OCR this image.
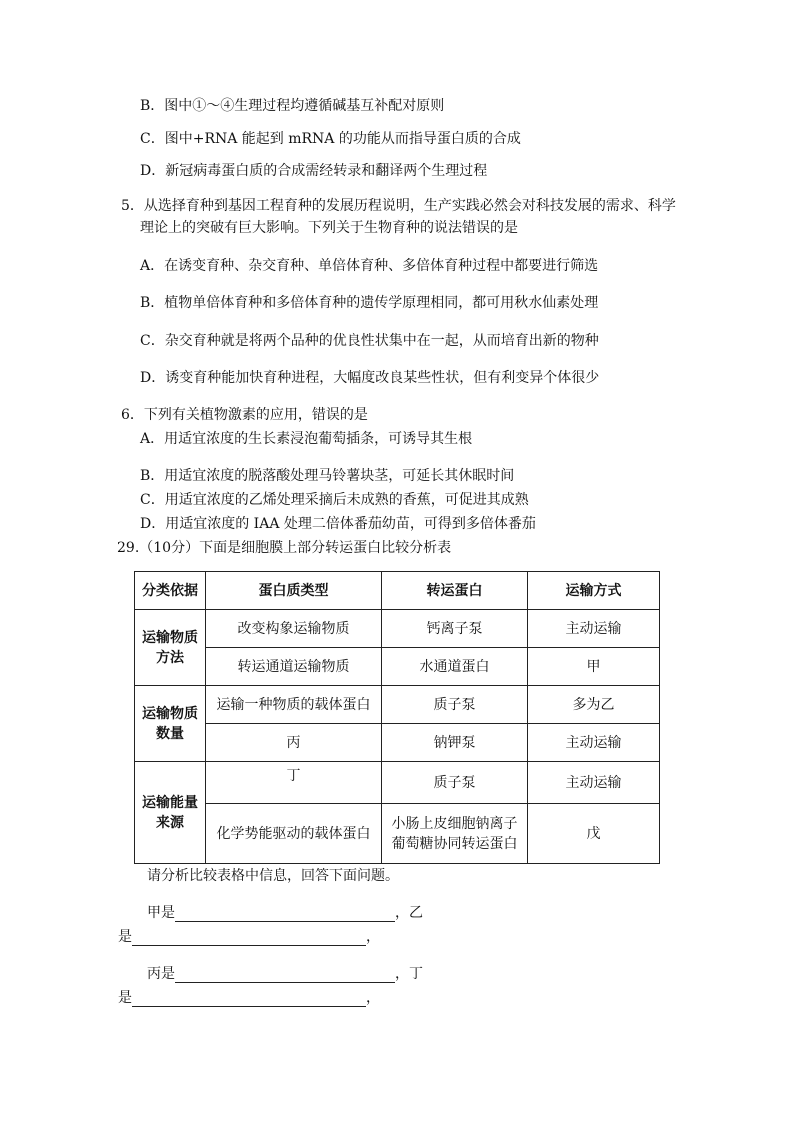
B．图中①～④生理过程均遵循碱基互补配对原则
C．图中+RNA 能起到 mRNA 的功能从而指导蛋白质的合成
D．新冠病毒蛋白质的合成需经转录和翻译两个生理过程
5．从选择育种到基因工程育种的发展历程说明，生产实践必然会对科技发展的需求、科学
理论上的突破有巨大影响。下列关于生物育种的说法错误的是
A．在诱变育种、杂交育种、单倍体育种、多倍体育种过程中都要进行筛选
B．植物单倍体育种和多倍体育种的遗传学原理相同，都可用秋水仙素处理
C．杂交育种就是将两个品种的优良性状集中在一起，从而培育出新的物种
D．诱变育种能加快育种进程，大幅度改良某些性状，但有利变异个体很少
6．下列有关植物激素的应用，错误的是
A．用适宜浓度的生长素浸泡葡萄插条，可诱导其生根
B．用适宜浓度的脱落酸处理马铃薯块茎，可延长其休眠时间
C．用适宜浓度的乙烯处理采摘后未成熟的香蕉，可促进其成熟
D．用适宜浓度的 IAA 处理二倍体番茄幼苗，可得到多倍体番茄
29.（10分）下面是细胞膜上部分转运蛋白比较分析表
分类依据	蛋白质类型	转运蛋白	运输方式
运输物质方法	改变构象运输物质	钙离子泵	主动运输
	转运通道运输物质	水通道蛋白	甲
运输物质数量	运输一种物质的载体蛋白	质子泵	多为乙
	丙	钠钾泵	主动运输
运输能量来源	丁	质子泵	主动运输
	化学势能驱动的载体蛋白	小肠上皮细胞钠离子葡萄糖协同转运蛋白	戊
请分析比较表格中信息，回答下面问题。
甲是	，乙
是	，
丙是	，丁
是	，
